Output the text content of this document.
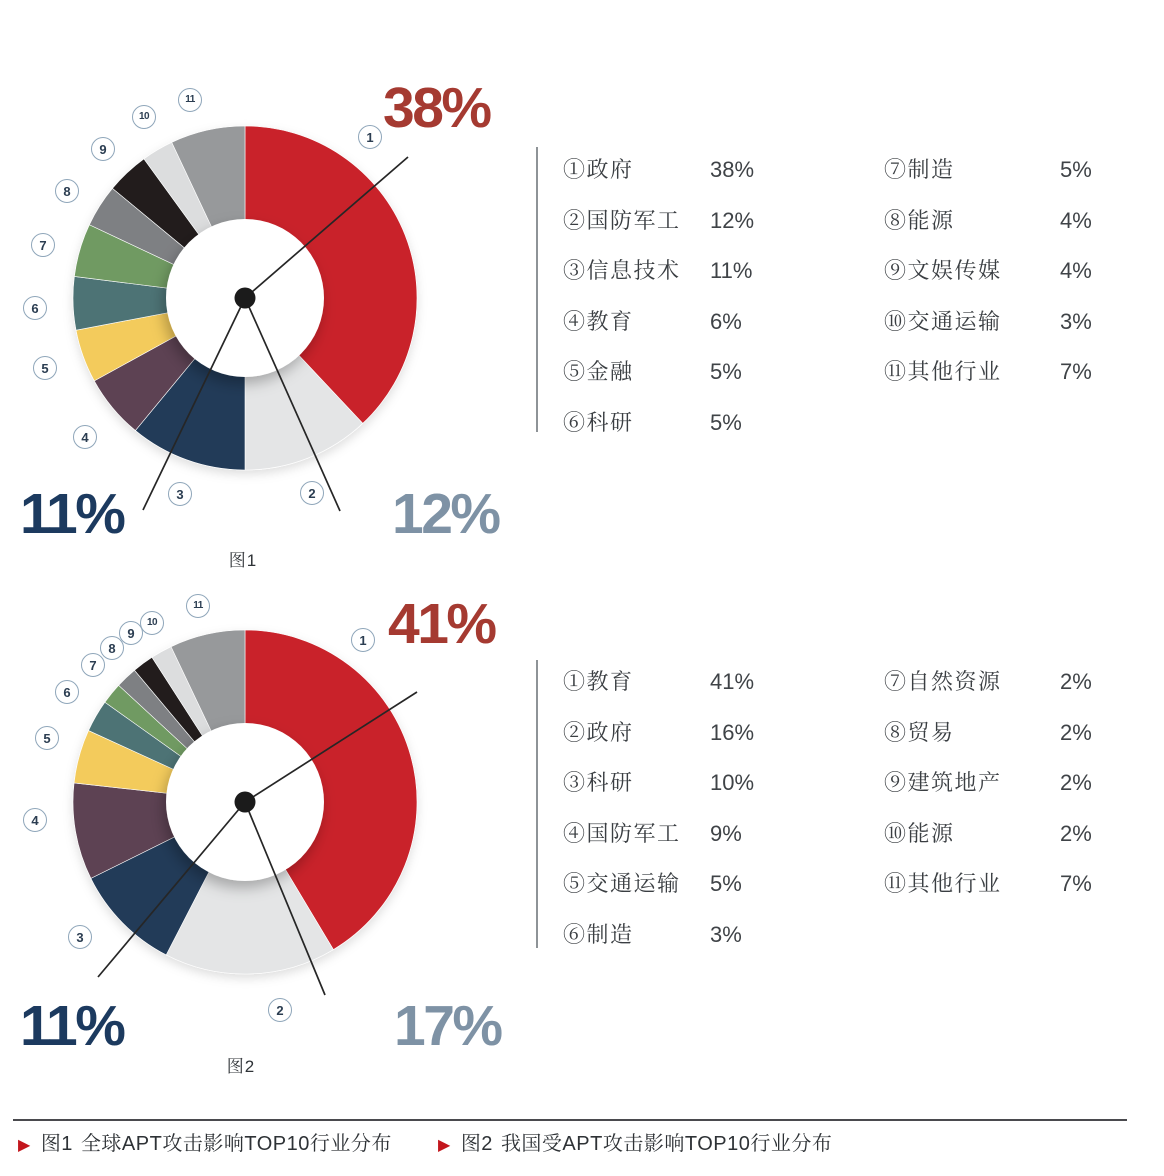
1
2
3
4
5
6
7
8
9
10
11	38%
12%
11%
图1
①政府	38%
②国防军工 12%
③信息技术 11%
④教育	6%
⑤金融	5%
⑥科研	5%
⑦制造	5%
⑧能源	4%
⑨文娱传媒	4%
⑩交通运输	3%
⑪其他行业	7%
1
2
3
4
5
6
7
8
9
10
11	41%
17%
11%
图2
①教育	41%
②政府	16%
③科研	10%
④国防军工 9%
⑤交通运输 5%
⑥制造	3%
⑦自然资源	2%
⑧贸易	2%
⑨建筑地产	2%
⑩能源	2%
⑪其他行业	7%
▶ 图1 全球APT攻击影响TOP10行业分布	▶ 图2 我国受APT攻击影响TOP10行业分布
